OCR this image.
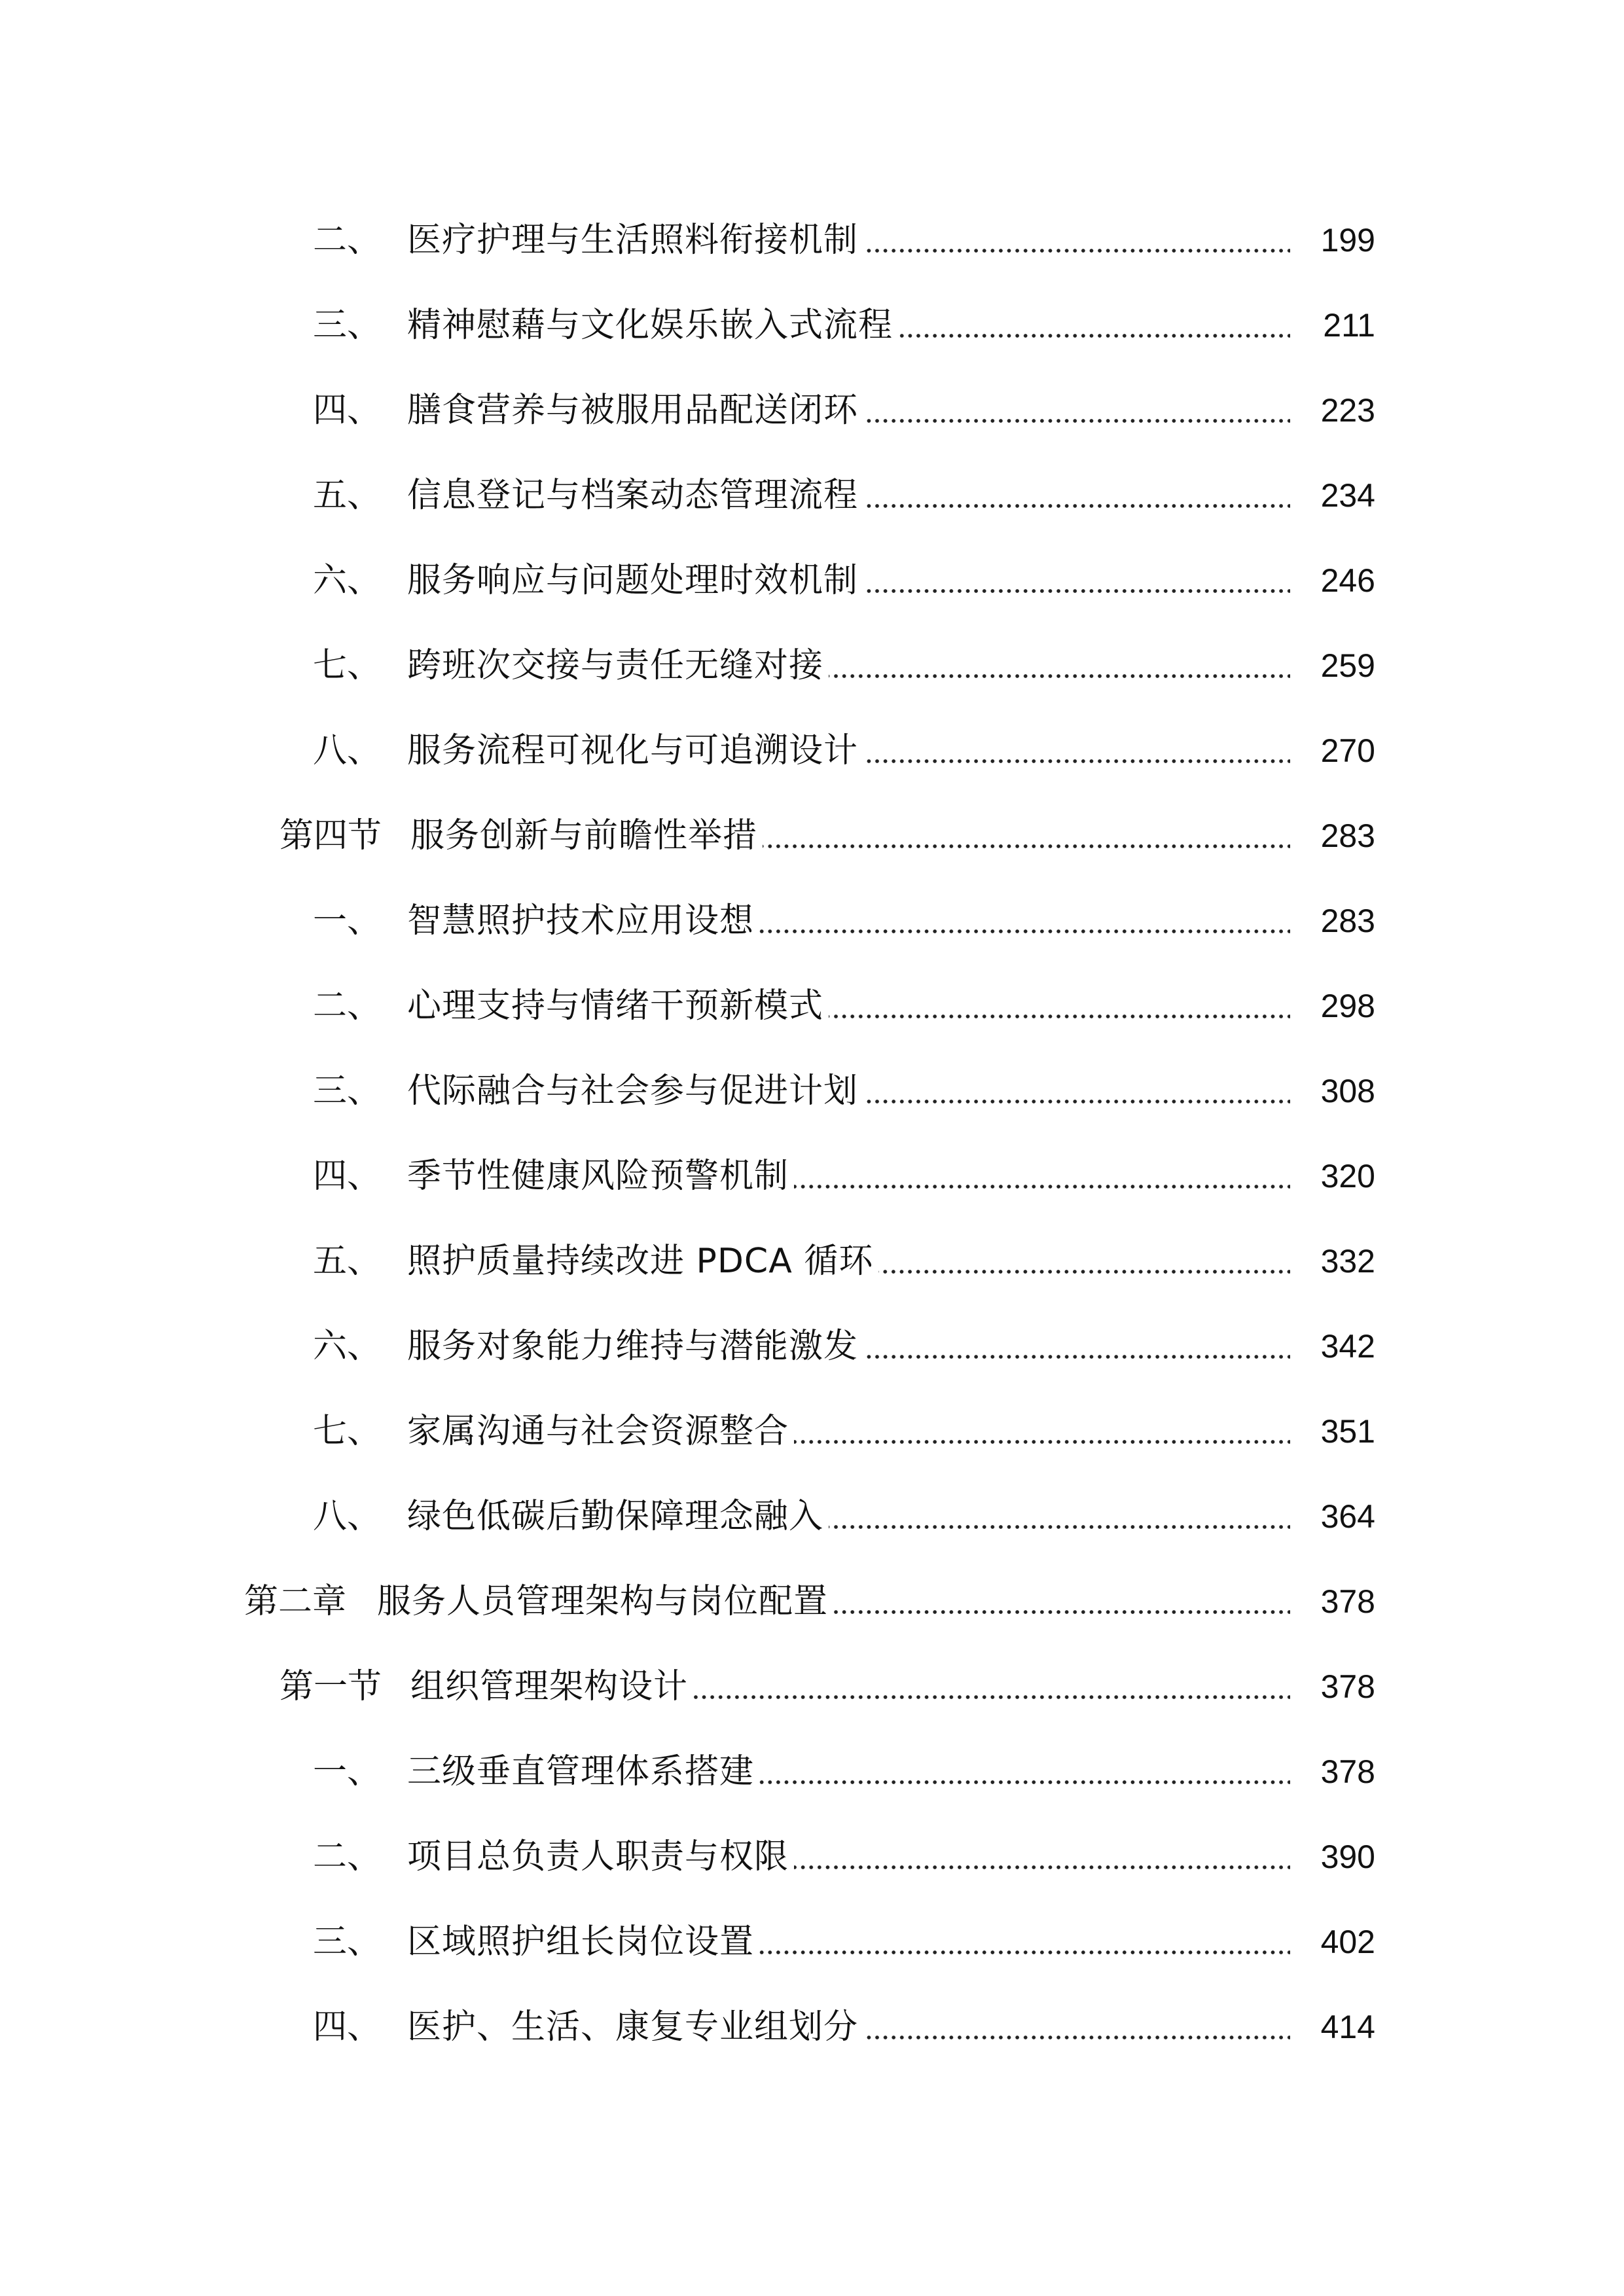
二、 医疗护理与生活照料衔接机制	199
三、 精神慰藉与文化娱乐嵌入式流程	211
四、 膳食营养与被服用品配送闭环	223
五、 信息登记与档案动态管理流程	234
六、 服务响应与问题处理时效机制	246
七、 跨班次交接与责任无缝对接	259
八、 服务流程可视化与可追溯设计	270
第四节 服务创新与前瞻性举措	283
一、 智慧照护技术应用设想	283
二、 心理支持与情绪干预新模式	298
三、 代际融合与社会参与促进计划	308
四、 季节性健康风险预警机制	320
五、 照护质量持续改进 PDCA 循环	332
六、 服务对象能力维持与潜能激发	342
七、 家属沟通与社会资源整合	351
八、 绿色低碳后勤保障理念融入	364
第二章 服务人员管理架构与岗位配置	378
第一节 组织管理架构设计	378
一、 三级垂直管理体系搭建	378
二、 项目总负责人职责与权限	390
三、 区域照护组长岗位设置	402
四、 医护、生活、康复专业组划分	414
